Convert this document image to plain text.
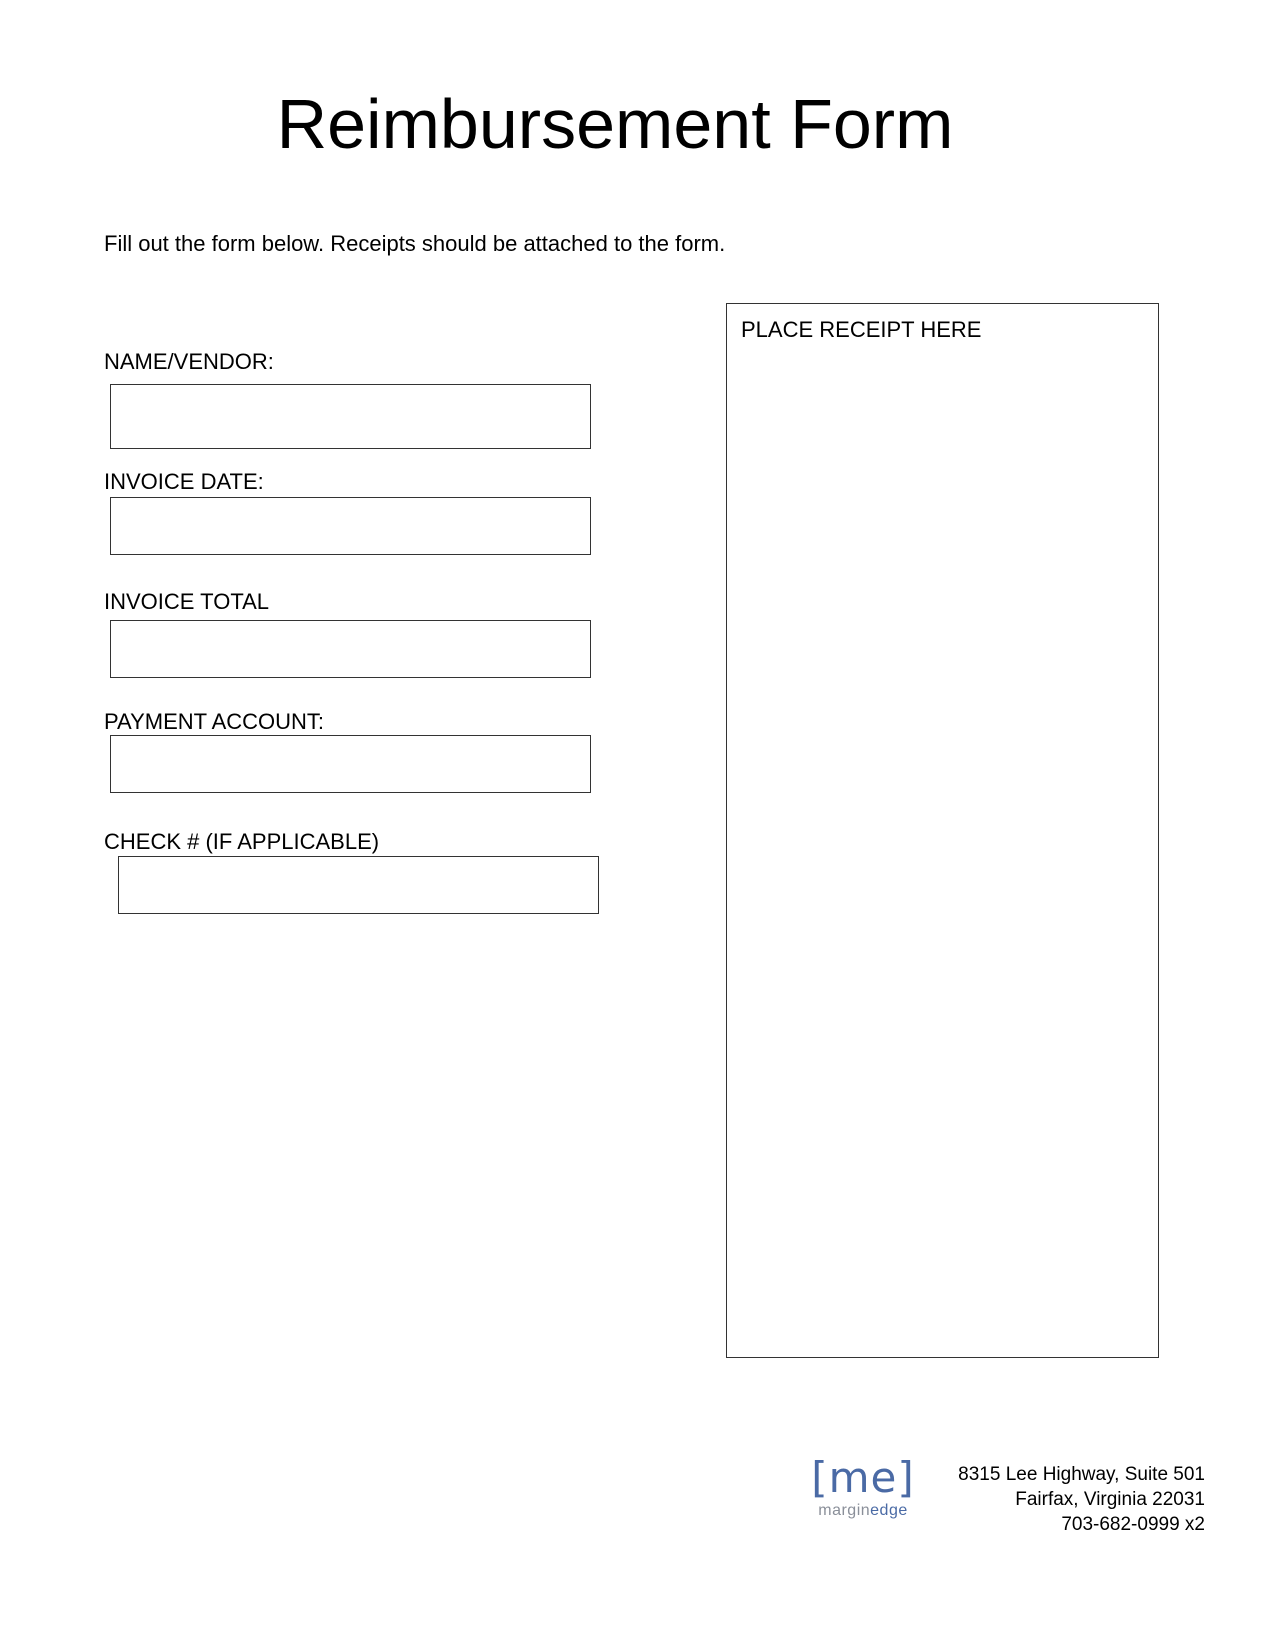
Reimbursement Form
Fill out the form below. Receipts should be attached to the form.
NAME/VENDOR:
INVOICE DATE:
INVOICE TOTAL
PAYMENT ACCOUNT:
CHECK # (IF APPLICABLE)
PLACE RECEIPT HERE
[me]
marginedge
8315 Lee Highway, Suite 501
Fairfax, Virginia 22031
703-682-0999 x2
